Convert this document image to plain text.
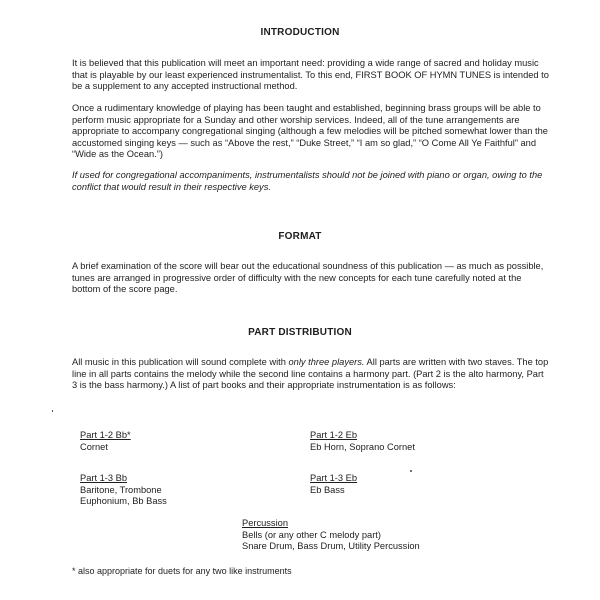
INTRODUCTION

It is believed that this publication will meet an important need: providing a wide range of sacred and holiday music that is playable by our least experienced instrumentalist. To this end, FIRST BOOK OF HYMN TUNES is intended to be a supplement to any accepted instructional method.

Once a rudimentary knowledge of playing has been taught and established, beginning brass groups will be able to perform music appropriate for a Sunday and other worship services. Indeed, all of the tune arrangements are appropriate to accompany congregational singing (although a few melodies will be pitched somewhat lower than the accustomed singing keys — such as “Above the rest,” “Duke Street,” “I am so glad,” “O Come All Ye Faithful” and “Wide as the Ocean.”)

If used for congregational accompaniments, instrumentalists should not be joined with piano or organ, owing to the conflict that would result in their respective keys.

FORMAT

A brief examination of the score will bear out the educational soundness of this publication — as much as possible, tunes are arranged in progressive order of difficulty with the new concepts for each tune carefully noted at the bottom of the score page.

PART DISTRIBUTION

All music in this publication will sound complete with only three players. All parts are written with two staves. The top line in all parts contains the melody while the second line contains a harmony part. (Part 2 is the alto harmony, Part 3 is the bass harmony.) A list of part books and their appropriate instrumentation is as follows:

Part 1-2 Bb*
Cornet
Part 1-2 Eb
Eb Horn, Soprano Cornet
Part 1-3 Bb
Baritone, Trombone
Euphonium, Bb Bass
Part 1-3 Eb
Eb Bass
Percussion
Bells (or any other C melody part)
Snare Drum, Bass Drum, Utility Percussion
* also appropriate for duets for any two like instruments
